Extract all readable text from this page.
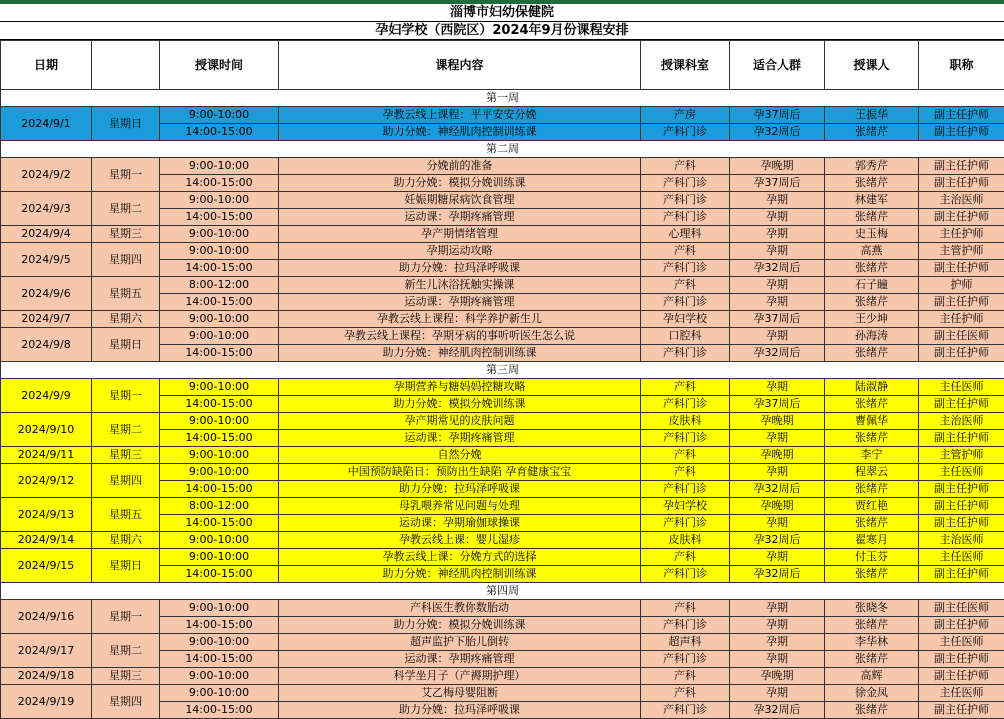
淄博市妇幼保健院
孕妇学校（西院区）2024年9月份课程安排
日期		授课时间	课程内容	授课科室	适合人群	授课人	职称
第一周							
2024/9/1	星期日	9:00-10:00	孕教云线上课程：平平安安分娩	产房	孕37周后	王振华	副主任护师
		14:00-15:00	助力分娩：神经肌肉控制训练课	产科门诊	孕32周后	张绪芹	副主任护师
第二周							
2024/9/2	星期一	9:00-10:00	分娩前的准备	产科	孕晚期	郭秀芹	副主任护师
		14:00-15:00	助力分娩：模拟分娩训练课	产科门诊	孕37周后	张绪芹	副主任护师
2024/9/3	星期二	9:00-10:00	妊娠期糖尿病饮食管理	产科门诊	孕期	林建军	主治医师
		14:00-15:00	运动课：孕期疼痛管理	产科门诊	孕期	张绪芹	副主任护师
2024/9/4	星期三	9:00-10:00	孕产期情绪管理	心理科	孕期	史玉梅	主任护师
2024/9/5	星期四	9:00-10:00	孕期运动攻略	产科	孕期	高燕	主管护师
		14:00-15:00	助力分娩：拉玛泽呼吸课	产科门诊	孕32周后	张绪芹	副主任护师
2024/9/6	星期五	8:00-12:00	新生儿沐浴抚触实操课	产科	孕期	石子瞳	护师
		14:00-15:00	运动课：孕期疼痛管理	产科门诊	孕期	张绪芹	副主任护师
2024/9/7	星期六	9:00-10:00	孕教云线上课程：科学养护新生儿	孕妇学校	孕37周后	王少坤	主任护师
2024/9/8	星期日	9:00-10:00	孕教云线上课程：孕期牙病的事听听医生怎么说	口腔科	孕期	孙海涛	副主任医师
		14:00-15:00	助力分娩：神经肌肉控制训练课	产科门诊	孕32周后	张绪芹	副主任护师
第三周							
2024/9/9	星期一	9:00-10:00	孕期营养与糖妈妈控糖攻略	产科	孕期	陆淑静	主任医师
		14:00-15:00	助力分娩：模拟分娩训练课	产科门诊	孕37周后	张绪芹	副主任护师
2024/9/10	星期二	9:00-10:00	孕产期常见的皮肤问题	皮肤科	孕晚期	曹佩华	主治医师
		14:00-15:00	运动课：孕期疼痛管理	产科门诊	孕期	张绪芹	副主任护师
2024/9/11	星期三	9:00-10:00	自然分娩	产科	孕晚期	李宁	主管护师
2024/9/12	星期四	9:00-10:00	中国预防缺陷日：预防出生缺陷 孕育健康宝宝	产科	孕期	程翠云	主任医师
		14:00-15:00	助力分娩：拉玛泽呼吸课	产科门诊	孕32周后	张绪芹	副主任护师
2024/9/13	星期五	8:00-12:00	母乳喂养常见问题与处理	孕妇学校	孕晚期	贾红艳	副主任护师
		14:00-15:00	运动课：孕期瑜伽球操课	产科门诊	孕期	张绪芹	副主任护师
2024/9/14	星期六	9:00-10:00	孕教云线上课：婴儿湿疹	皮肤科	孕32周后	翟寒月	主治医师
2024/9/15	星期日	9:00-10:00	孕教云线上课：分娩方式的选择	产科	孕期	付玉芬	主任医师
		14:00-15:00	助力分娩：神经肌肉控制训练课	产科门诊	孕32周后	张绪芹	副主任护师
第四周							
2024/9/16	星期一	9:00-10:00	产科医生教你数胎动	产科	孕期	张晓冬	副主任医师
		14:00-15:00	助力分娩：模拟分娩训练课	产科门诊	孕期	张绪芹	副主任护师
2024/9/17	星期二	9:00-10:00	超声监护下胎儿倒转	超声科	孕期	李华林	主任医师
		14:00-15:00	运动课：孕期疼痛管理	产科门诊	孕期	张绪芹	副主任护师
2024/9/18	星期三	9:00-10:00	科学坐月子（产褥期护理）	产科	孕晚期	高辉	副主任护师
2024/9/19	星期四	9:00-10:00	艾乙梅母婴阻断	产科	孕期	徐金凤	主任医师
		14:00-15:00	助力分娩：拉玛泽呼吸课	产科门诊	孕32周后	张绪芹	副主任护师
